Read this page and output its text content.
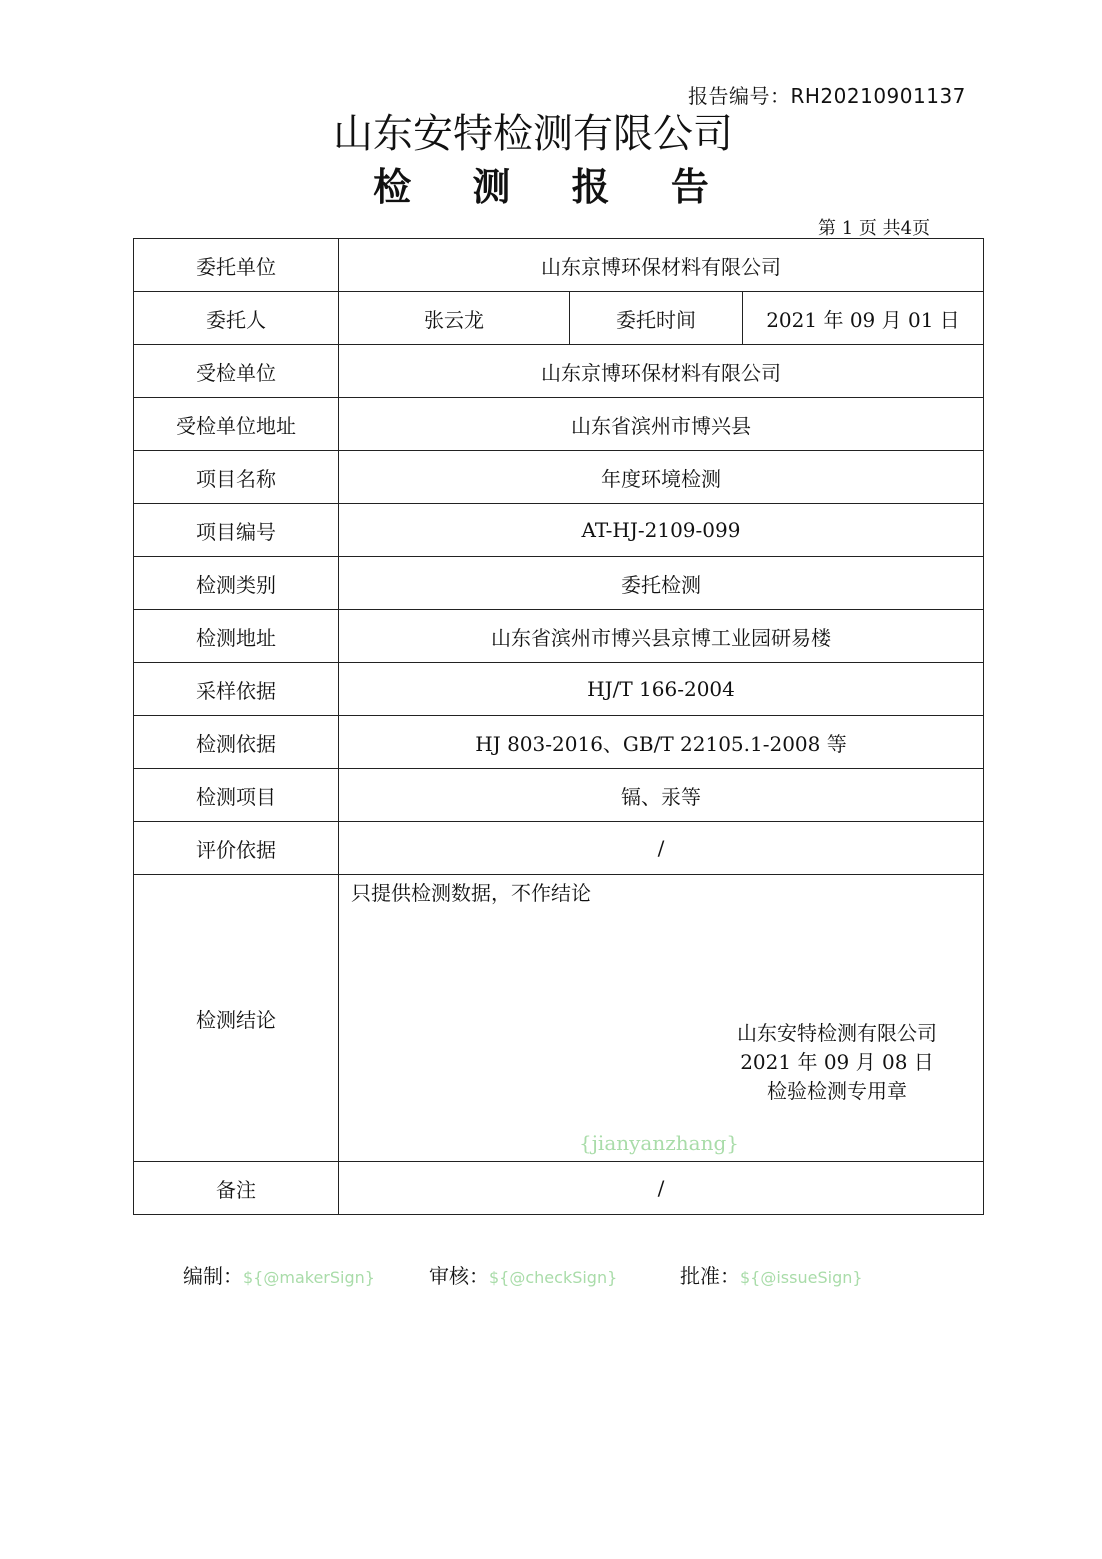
报告编号：RH20210901137
山东安特检测有限公司
检 测 报 告
第 1 页 共4页
委托单位	山东京博环保材料有限公司		
委托人	张云龙	委托时间	2021 年 09 月 01 日
受检单位	山东京博环保材料有限公司		
受检单位地址	山东省滨州市博兴县		
项目名称	年度环境检测		
项目编号	AT-HJ-2109-099		
检测类别	委托检测		
检测地址	山东省滨州市博兴县京博工业园研易楼		
采样依据	HJ/T 166-2004		
检测依据	HJ 803-2016、GB/T 22105.1-2008 等		
检测项目	镉、汞等		
评价依据	/		
检测结论	只提供检测数据，不作结论
山东安特检测有限公司
2021 年 09 月 08 日
检验检测专用章
{jianyanzhang}		

备注	/		
编制：${@makerSign}	审核：${@checkSign}	批准：${@issueSign}
